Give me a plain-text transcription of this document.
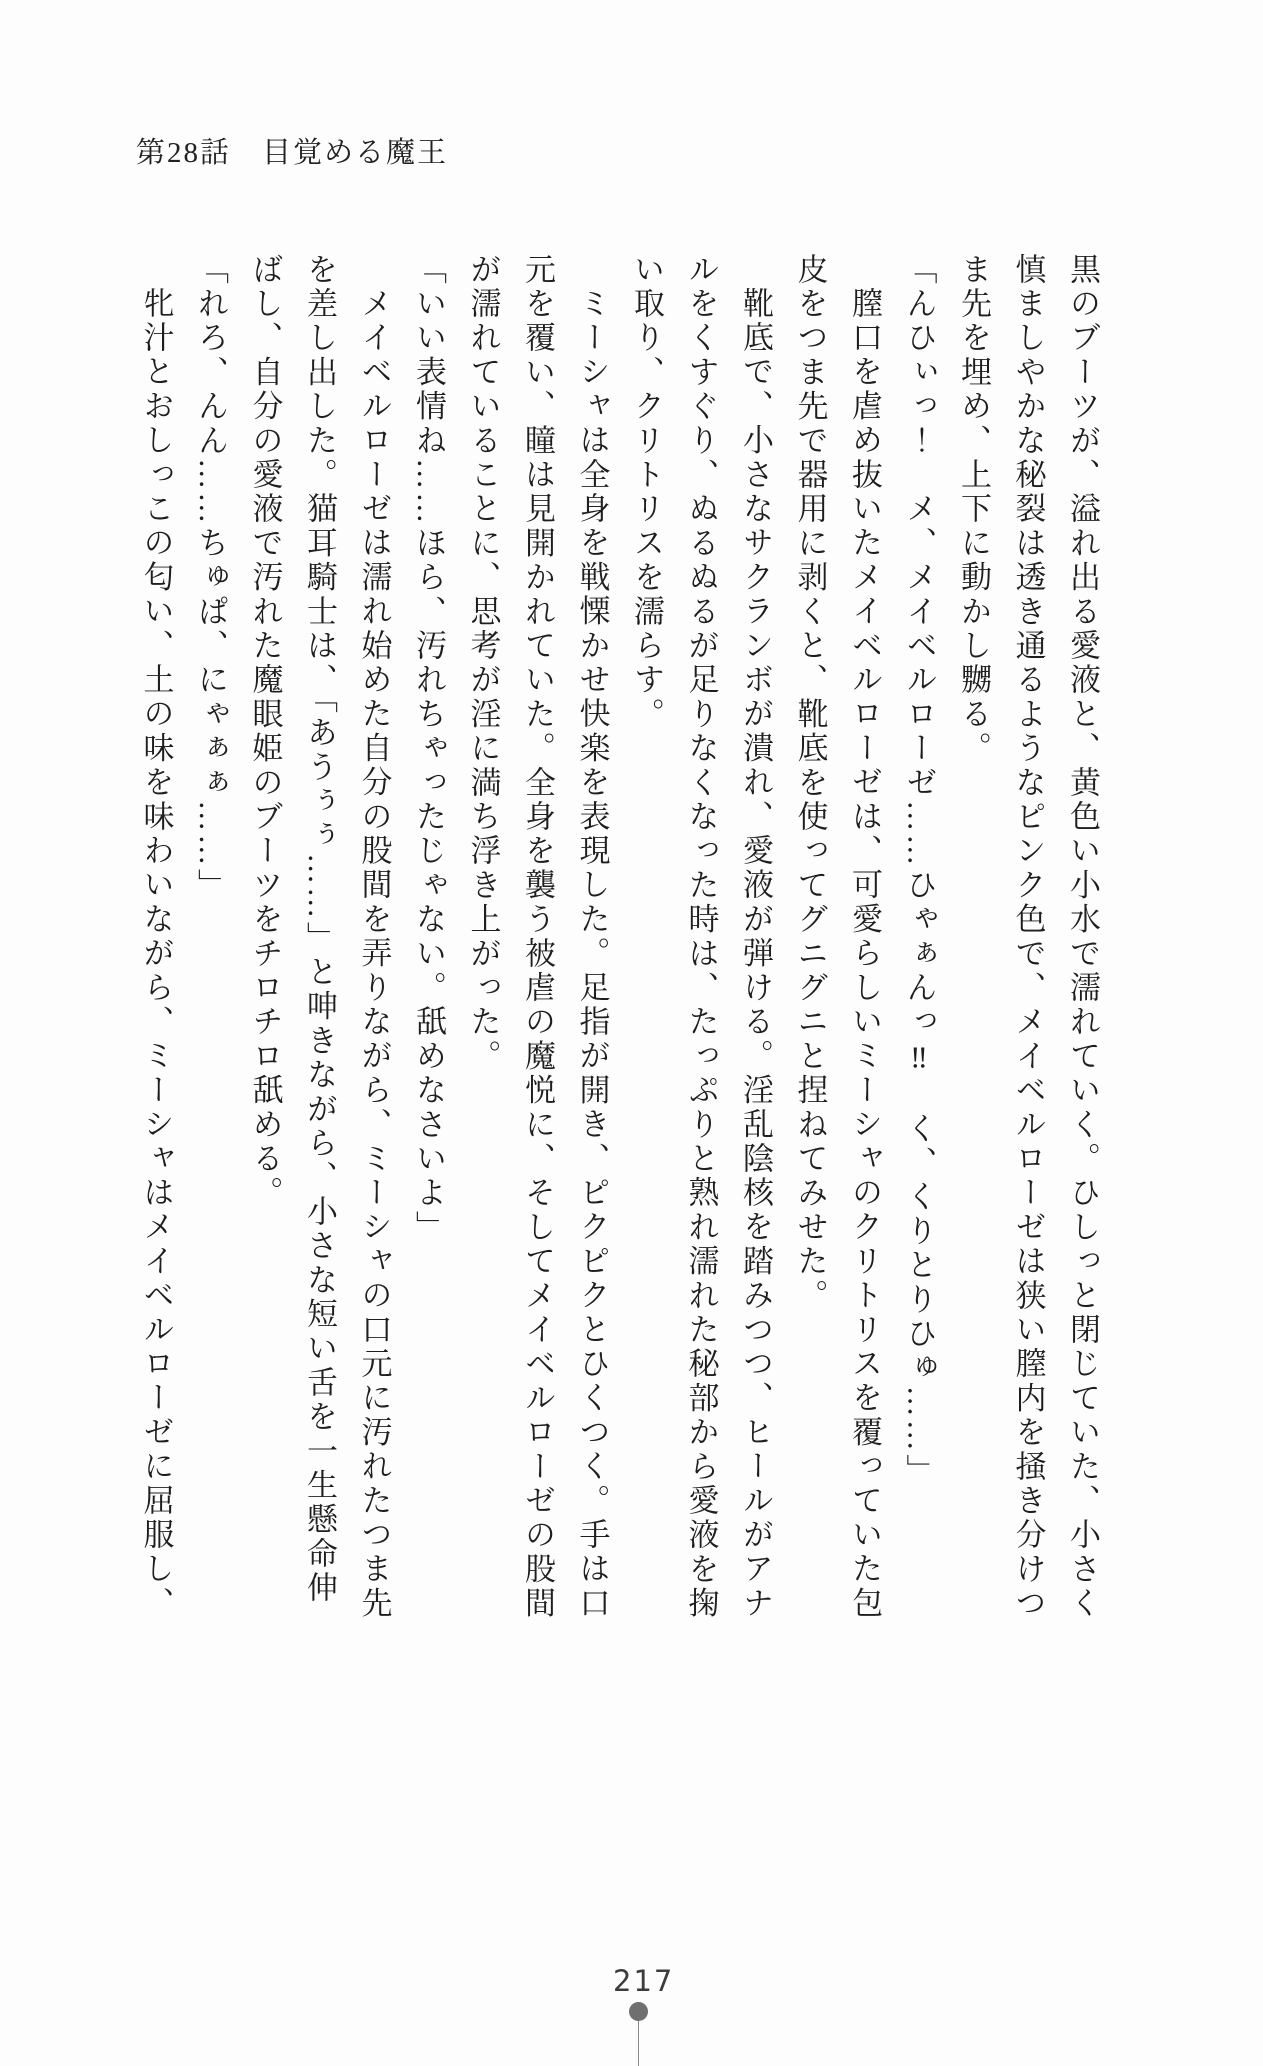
第28話　目覚める魔王

黒のブーツが、溢れ出る愛液と、黄色い小水で濡れていく。ひしっと閉じていた、小さく慎ましやかな秘裂は透き通るようなピンク色で、メイベルローゼは狭い膣内を掻き分けつま先を埋め、上下に動かし嬲る。

「んひぃっ！　メ、メイベルローゼ……ひゃぁんっ‼　く、くりとりひゅ……」

膣口を虐め抜いたメイベルローゼは、可愛らしいミーシャのクリトリスを覆っていた包皮をつま先で器用に剥くと、靴底を使ってグニグニと捏ねてみせた。

靴底で、小さなサクランボが潰れ、愛液が弾ける。淫乱陰核を踏みつつ、ヒールがアナルをくすぐり、ぬるぬるが足りなくなった時は、たっぷりと熟れ濡れた秘部から愛液を掬い取り、クリトリスを濡らす。

ミーシャは全身を戦慄かせ快楽を表現した。足指が開き、ピクピクとひくつく。手は口元を覆い、瞳は見開かれていた。全身を襲う被虐の魔悦に、そしてメイベルローゼの股間が濡れていることに、思考が淫に満ち浮き上がった。

「いい表情ね……ほら、汚れちゃったじゃない。舐めなさいよ」

メイベルローゼは濡れ始めた自分の股間を弄りながら、ミーシャの口元に汚れたつま先を差し出した。猫耳騎士は、「あうぅぅ……」と呻きながら、小さな短い舌を一生懸命伸ばし、自分の愛液で汚れた魔眼姫のブーツをチロチロ舐める。

「れろ、んん……ちゅぱ、にゃぁぁ……」

牝汁とおしっこの匂い、土の味を味わいながら、ミーシャはメイベルローゼに屈服し、

217
